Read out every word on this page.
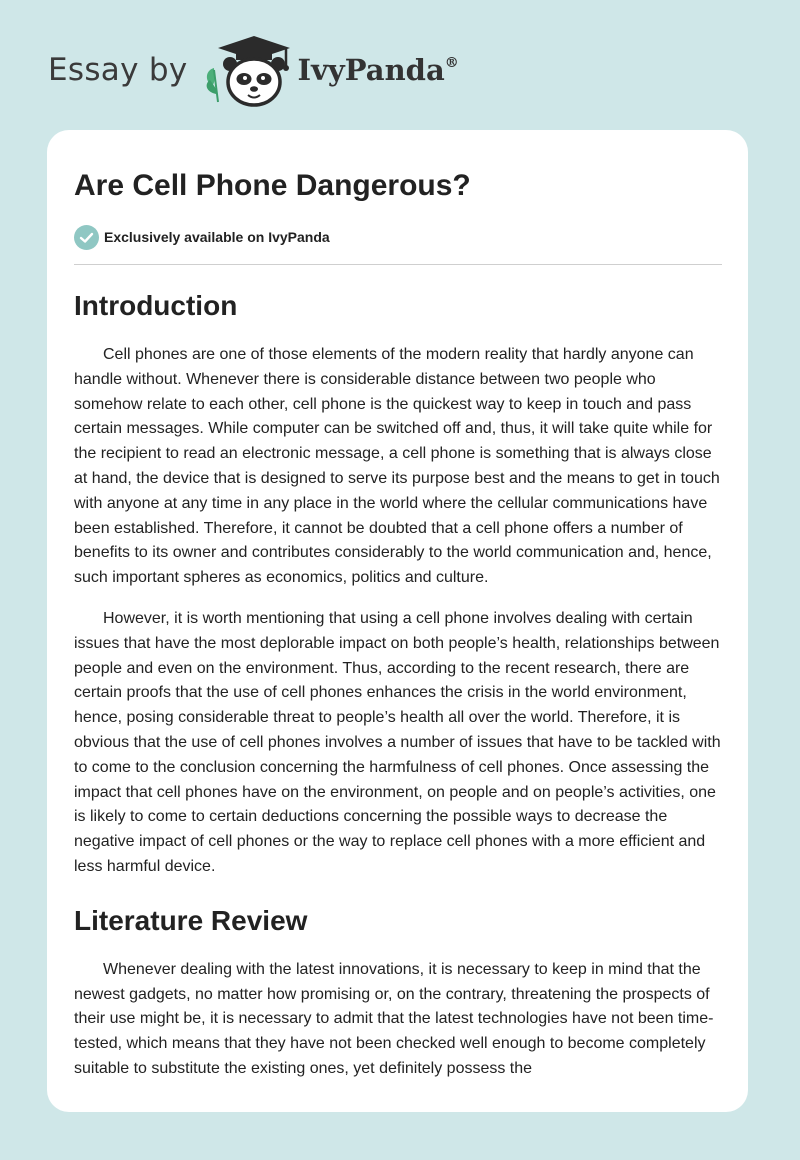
Essay by	IvyPanda®
Are Cell Phone Dangerous?
Exclusively available on IvyPanda
Introduction

Cell phones are one of those elements of the modern reality that hardly anyone can handle without. Whenever there is considerable distance between two people who somehow relate to each other, cell phone is the quickest way to keep in touch and pass certain messages. While computer can be switched off and, thus, it will take quite while for the recipient to read an electronic message, a cell phone is something that is always close at hand, the device that is designed to serve its purpose best and the means to get in touch with anyone at any time in any place in the world where the cellular communications have been established. Therefore, it cannot be doubted that a cell phone offers a number of benefits to its owner and contributes considerably to the world communication and, hence, such important spheres as economics, politics and culture.

However, it is worth mentioning that using a cell phone involves dealing with certain issues that have the most deplorable impact on both people’s health, relationships between people and even on the environment. Thus, according to the recent research, there are certain proofs that the use of cell phones enhances the crisis in the world environment, hence, posing considerable threat to people’s health all over the world. Therefore, it is obvious that the use of cell phones involves a number of issues that have to be tackled with to come to the conclusion concerning the harmfulness of cell phones. Once assessing the impact that cell phones have on the environment, on people and on people’s activities, one is likely to come to certain deductions concerning the possible ways to decrease the negative impact of cell phones or the way to replace cell phones with a more efficient and less harmful device.

Literature Review

Whenever dealing with the latest innovations, it is necessary to keep in mind that the newest gadgets, no matter how promising or, on the contrary, threatening the prospects of their use might be, it is necessary to admit that the latest technologies have not been time-tested, which means that they have not been checked well enough to become completely suitable to substitute the existing ones, yet definitely possess the
